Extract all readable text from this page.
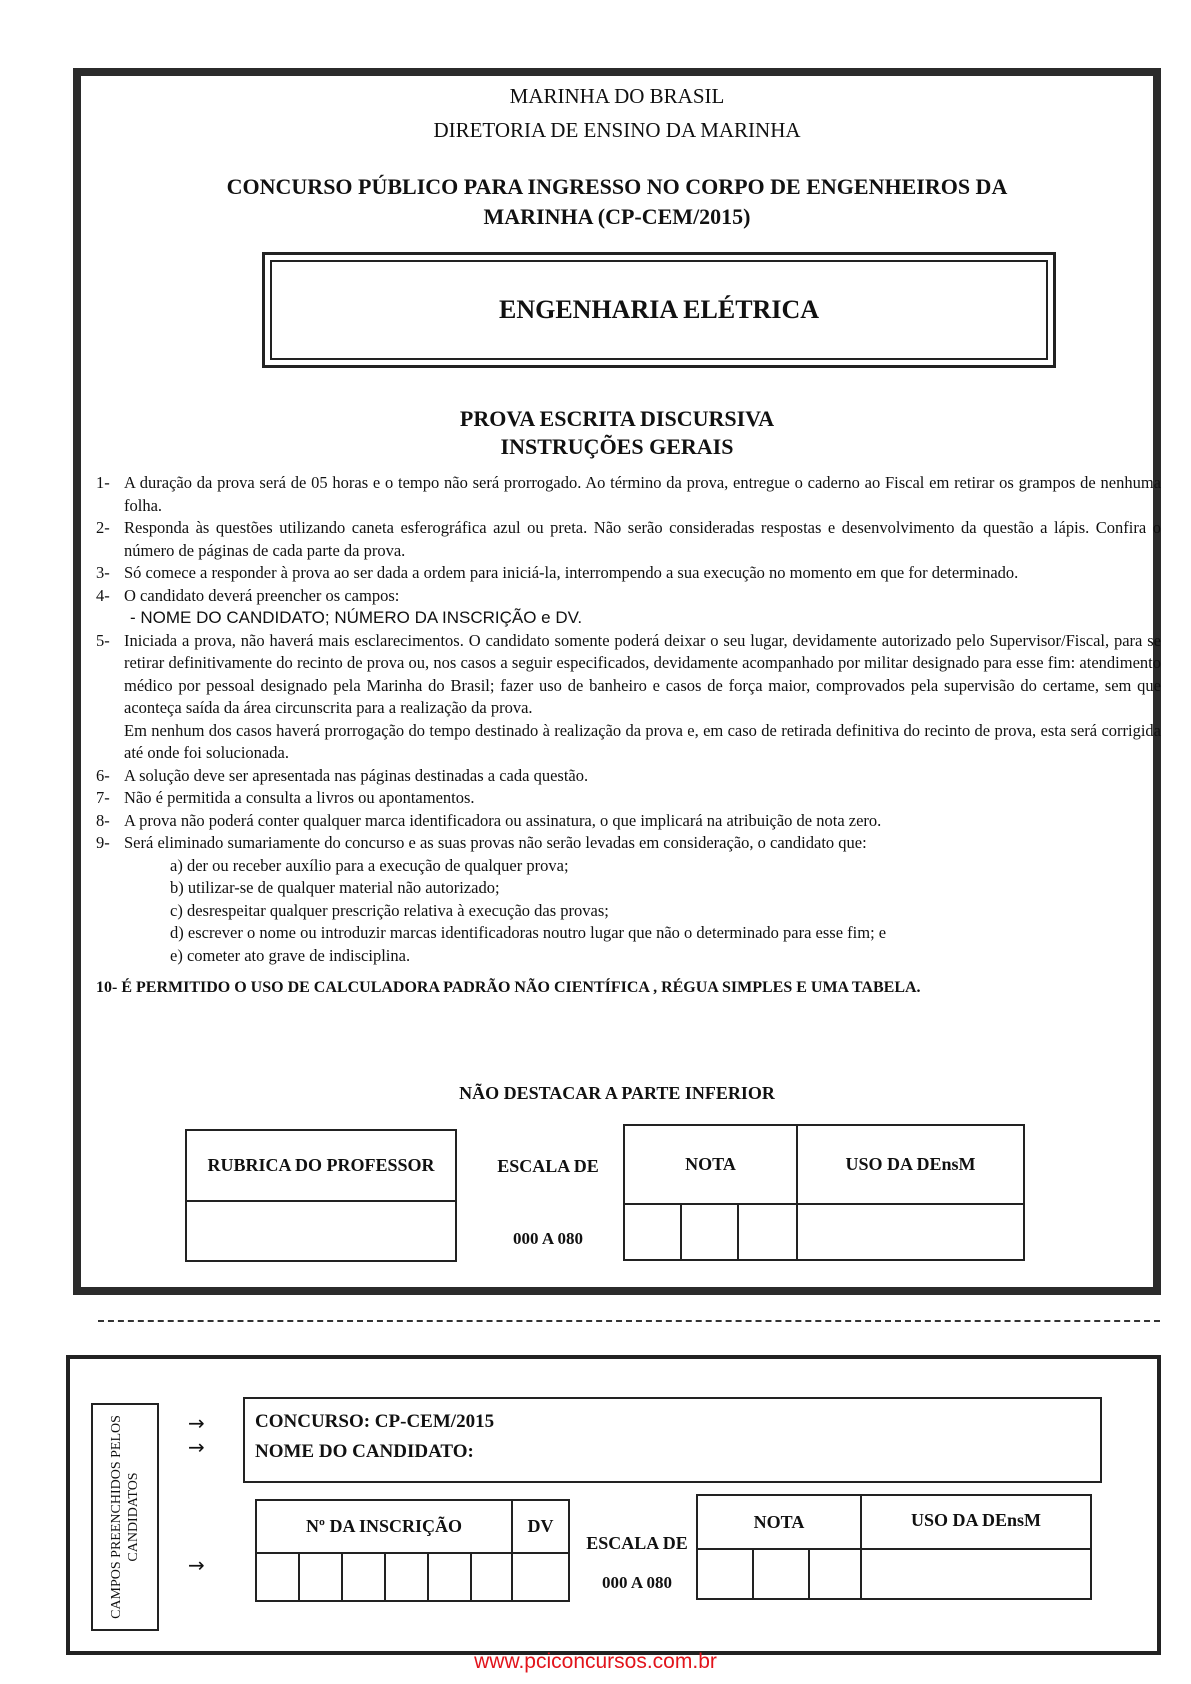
MARINHA DO BRASIL
DIRETORIA DE ENSINO DA MARINHA
CONCURSO PÚBLICO PARA INGRESSO NO CORPO DE ENGENHEIROS DA
MARINHA (CP-CEM/2015)
ENGENHARIA ELÉTRICA
PROVA ESCRITA DISCURSIVA
INSTRUÇÕES GERAIS
1- A duração da prova será de 05 horas e o tempo não será prorrogado. Ao término da prova, entregue o caderno ao Fiscal em retirar os grampos de nenhuma folha.
2- Responda às questões utilizando caneta esferográfica azul ou preta. Não serão consideradas respostas e desenvolvimento da questão a lápis. Confira o número de páginas de cada parte da prova.
3- Só comece a responder à prova ao ser dada a ordem para iniciá-la, interrompendo a sua execução no momento em que for determinado.
4- O candidato deverá preencher os campos:
- NOME DO CANDIDATO; NÚMERO DA INSCRIÇÃO e DV.
5- Iniciada a prova, não haverá mais esclarecimentos. O candidato somente poderá deixar o seu lugar, devidamente autorizado pelo Supervisor/Fiscal, para se retirar definitivamente do recinto de prova ou, nos casos a seguir especificados, devidamente acompanhado por militar designado para esse fim: atendimento médico por pessoal designado pela Marinha do Brasil; fazer uso de banheiro e casos de força maior, comprovados pela supervisão do certame, sem que aconteça saída da área circunscrita para a realização da prova.
Em nenhum dos casos haverá prorrogação do tempo destinado à realização da prova e, em caso de retirada definitiva do recinto de prova, esta será corrigida até onde foi solucionada.
6- A solução deve ser apresentada nas páginas destinadas a cada questão.
7- Não é permitida a consulta a livros ou apontamentos.
8- A prova não poderá conter qualquer marca identificadora ou assinatura, o que implicará na atribuição de nota zero.
9- Será eliminado sumariamente do concurso e as suas provas não serão levadas em consideração, o candidato que:
a) der ou receber auxílio para a execução de qualquer prova;
b) utilizar-se de qualquer material não autorizado;
c) desrespeitar qualquer prescrição relativa à execução das provas;
d) escrever o nome ou introduzir marcas identificadoras noutro lugar que não o determinado para esse fim; e
e) cometer ato grave de indisciplina.
10- É PERMITIDO O USO DE CALCULADORA PADRÃO NÃO CIENTÍFICA , RÉGUA SIMPLES E UMA TABELA.
NÃO DESTACAR A PARTE INFERIOR
RUBRICA DO PROFESSOR	ESCALA DE
000 A 080
NOTA	USO DA DEnsM
CAMPOS PREENCHIDOS PELOS CANDIDATOS
→
→
→
CONCURSO: CP-CEM/2015
NOME DO CANDIDATO:
Nº DA INSCRIÇÃO	DV
ESCALA DE
000 A 080
NOTA	USO DA DEnsM
www.pciconcursos.com.br
